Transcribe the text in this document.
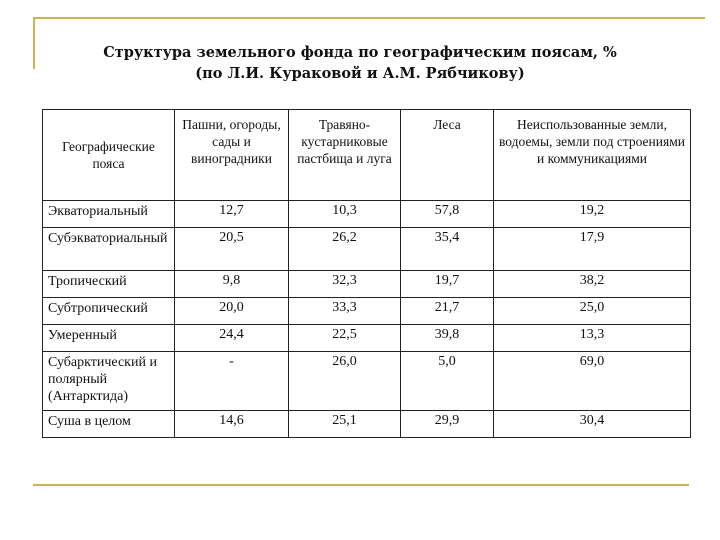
Структура земельного фонда по географическим поясам, %
(по Л.И. Кураковой и А.М. Рябчикову)
Географические пояса	Пашни, огороды, сады и виноградники	Травяно-кустарниковые пастбища и луга	Леса	Неиспользованные земли, водоемы, земли под строениями и коммуникациями
Экваториальный	12,7	10,3	57,8	19,2
Субэкваториальный	20,5	26,2	35,4	17,9
Тропический	9,8	32,3	19,7	38,2
Субтропический	20,0	33,3	21,7	25,0
Умеренный	24,4	22,5	39,8	13,3
Субарктический и полярный (Антарктида)	-	26,0	5,0	69,0
Суша в целом	14,6	25,1	29,9	30,4
